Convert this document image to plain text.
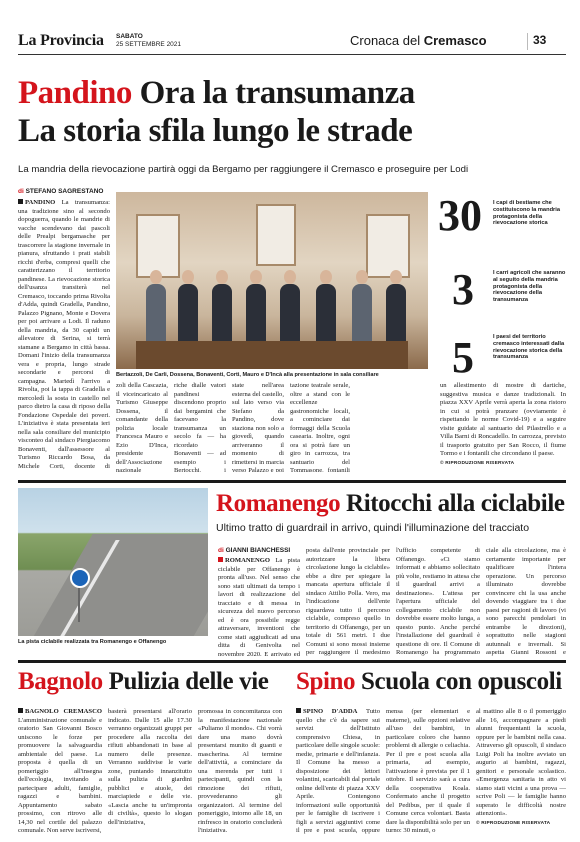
La Provincia SABATO
25 SETTEMBRE 2021	Cronaca del Cremasco	33
Pandino Ora la transumanza
La storia sfila lungo le strade
La mandria della rievocazione partirà oggi da Bergamo per raggiungere il Cremasco e proseguire per Lodi
di STEFANO SAGRESTANO
PANDINO La transumanza: una tradizione sino al secondo dopoguerra, quando le mandrie di vacche scendevano dai pascoli delle Prealpi bergamasche per trascorrere la stagione invernale in pianura, sfruttando i prati stabili ricchi d'erba, compresi quelli che caratterizzano il territorio pandinese. La rievocazione storica dell'usanza transiterà nel Cremasco, toccando prima Rivolta d'Adda, quindi Gradella, Pandino, Palazzo Pignano, Monte e Dovera per poi arrivare a Lodi. Il raduno della mandria, da 30 capidi un allevatore di Serina, si terrà stamane a Bergamo in città bassa. Domani l'inizio della transumanza vera e propria, lungo strade secondarie e percorsi di campagna. Martedì l'arrivo a Rivolta, poi la tappa di Gradella e mercoledì la sosta in castello nel parco dietro la casa di riposo della Fondazione Ospedale dei poveri. L'iniziativa è stata presentata ieri nella sala consiliare del municipio visconteo dal sindaco Piergiacomo Bonaventi, dall'assessore al Turismo Riccardo Bosa, da Michele Corti, docente di
Bertazzoli, De Carli, Dossena, Bonaventi, Corti, Mauro e D'Incà alla presentazione in sala consiliare
zoli della Cascazia, il viceincaricato al Turismo Giuseppe Dossena, il comandante della polizia locale Francesca Mauro e Ezio D'Inca, presidente dell'Associazione nazionale
riche dialle vatori pandinesi discendono proprio dai bergamini che facevano la transumanza un secolo fa — ha ricordato Bonaventi — ad esempio i Bertocchi, i
state nell'area esterna del castello, sul lato verso via Stefano da Pandino, dove staziona non solo a giovedì, quando arriveranno il momento di rimettersi in marcia verso Palazzo e poi
tazione teatrale serale, oltre a stand con le eccellenze gastronomiche locali, a cominciare dai formaggi della Scuola casearia. Inoltre, ogni ora si potrà fare un giro in carrozza, tra santuario del Tommasone, fontanili
un allestimento di mostre di dartiche, suggestiva musica e danze tradizionali. In piazza XXV Aprile verrà aperta la zona ristoro in cui si potrà pranzare (ovviamente è rispettando le norme Covid-19) e a seguire visite guidate al santuario del Pilastrello e a Villa Barni di Roncadello. In carrozza, previsto il trasporto gratuito per San Rocco, il fiume Tormo e i fontanili che circondano il paese.
© RIPRODUZIONE RISERVATA
30 I capi di bestiame che costituiscono la mandria protagonista della rievocazione storica
3	I carri agricoli che saranno al seguito della mandria protagonista della rievocazione della transumanza
5	I paesi del territorio cremasco interessati dalla rievocazione storica della transumanza
La pista ciclabile realizzata tra Romanengo e Offanengo
Romanengo Ritocchi alla ciclabile
Ultimo tratto di guardrail in arrivo, quindi l'illuminazione del tracciato
di GIANNI BIANCHESSI
ROMANENGO La pista ciclabile per Offanengo è pronta all'uso. Nel senso che sono stati ultimati da tempo i lavori di realizzazione del tracciato e di messa in sicurezza del nuovo percorso ed è ora possibile regge attraversare, inventioni che come stati aggiudicati ad una ditta di Genivolta nel novembre 2020. E arrivato ed
posta dall'ente provinciale per autorizzare la libera circolazione lungo la ciclabile» ebbe a dire per spiegare la mancata apertura ufficiale il sindaco Attilio Polla. Vero, ma l'indicazione dell'ente riguardava tutto il percorso ciclabile, compreso quello in territorio di Offanengo, per un totale di 561 metri. I due Comuni si sono mossi insieme per raggiungere il medesimo
l'ufficio competente di Offanengo. «Ci siamo informati e abbiamo sollecitato più volte, restiamo in attesa che il guardrail arrivi a destinazione». L'attesa per l'apertura ufficiale del collegamento ciclabile non dovrebbe essere molto lunga, a questo punto. Anche perché l'installazione del guardrail è questione di ore. Il Comune di Romanengo ha programmato
ciale alla circolazione, ma è certamente importante per qualificare l'intera operazione. Un percorso illuminato dovrebbe convincere chi la usa anche dovendo viaggiare tra i due paesi per ragioni di lavoro (vi sono parecchi pendolari in entrambe le direzioni), soprattutto nelle stagioni autunnali e invernali. Si aspetta Gianni Rossoni e

Bagnolo Pulizia delle vie
BAGNOLO CREMASCO L'amministrazione comunale e oratorio San Giovanni Bosco uniscono le forze per promuovere la salvaguardia ambientale del paese. La proposta è quella di un pomeriggio all'insegna dell'ecologia, invitando a partecipare adulti, famiglie, ragazzi e bambini. Appuntamento sabato prossimo, con ritrovo alle 14,30 nel cortile del palazzo comunale. Non serve iscriversi,
basterà presentarsi all'orario indicato. Dalle 15 alle 17.30 verranno organizzati gruppi per procedere alla raccolta dei rifiuti abbandonati in base al numero delle presenze. Verranno suddivise le varie zone, puntando innanzitutto sulla pulizia di giardini pubblici e aiuole, dei marciapiede e delle vie. «Lascia anche tu un'impronta di civiltà», questo lo slogan dell'iniziativa,
promossa in concomitanza con la manifestazione nazionale «Puliamo il mondo». Chi vorrà dare una mano dovrà presentarsi munito di guanti e mascherina. Al termine dell'attività, a cominciare da una merenda per tutti i partecipanti, quindi con la rimozione dei rifiuti, provvederanno gli organizzatori. Al termine del pomeriggio, intorno alle 18, un rinfresco in oratorio concluderà l'iniziativa.

Spino Scuola con opuscoli
SPINO D'ADDA Tutto quello che c'è da sapere sui servizi dell'Istituto comprensivo Chiesa, in particolare delle singole scuole: medie, primarie e dell'infanzia. Il Comune ha messo a disposizione dei lettori volantini, scaricabili dal portale online dell'ente di piazza XXV Aprile. Contengono informazioni sulle opportunità per le famiglie di iscrivere i figli a servizi aggiuntivi come il pre e post scuola, oppure
mensa (per elementari e materne), sulle opzioni relative all'uso dei bambini, in particolare coloro che hanno problemi di allergie o celiachia. Per il pre e post scuola alla primaria, ad esempio, l'attivazione è prevista per il 1 ottobre. Il servizio sarà a cura della cooperativa Koala. Confermato anche il progetto del Pedibus, per il quale il Comune cerca volontari. Basta dare la disponibilità solo per un turno: 30 minuti, o
al mattino alle 8 o il pomeriggio alle 16, accompagnare a piedi alunni frequentanti la scuola, oppure per le bambini nella casa. Attraverso gli opuscoli, il sindaco Luigi Poli ha inoltre avviato un augurio ai bambini, ragazzi, genitori e personale scolastico. «Emergenza sanitaria in atto vi siamo stati vicini a una prova — scrive Poli — le famiglie hanno superato le difficoltà nostre attenzioni».
© RIPRODUZIONE RISERVATA
